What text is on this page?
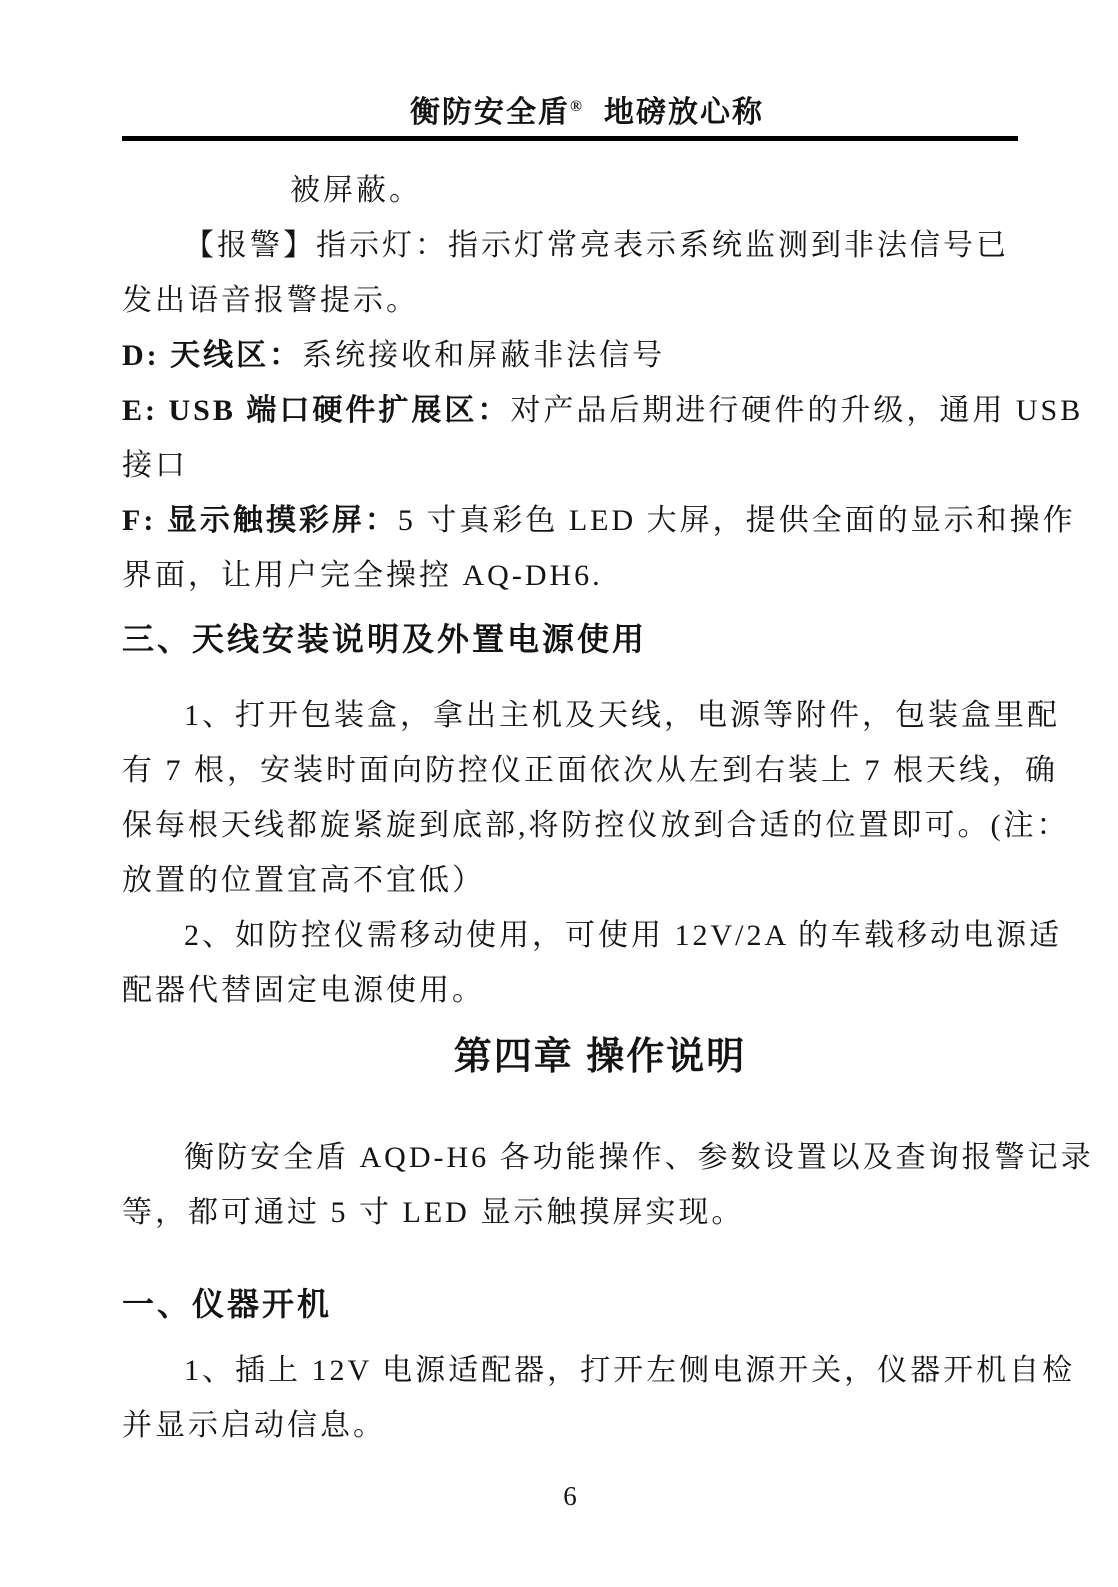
衡防安全盾® 地磅放心称
被屏蔽。
【报警】指示灯：指示灯常亮表示系统监测到非法信号已
发出语音报警提示。
D: 天线区：系统接收和屏蔽非法信号
E: USB 端口硬件扩展区：对产品后期进行硬件的升级，通用 USB
接口
F: 显示触摸彩屏：5 寸真彩色 LED 大屏，提供全面的显示和操作
界面，让用户完全操控 AQ-DH6.
三、天线安装说明及外置电源使用
1、打开包装盒，拿出主机及天线，电源等附件，包装盒里配
有 7 根，安装时面向防控仪正面依次从左到右装上 7 根天线，确
保每根天线都旋紧旋到底部,将防控仪放到合适的位置即可。(注：
放置的位置宜高不宜低）
2、如防控仪需移动使用，可使用 12V/2A 的车载移动电源适
配器代替固定电源使用。
第四章 操作说明
衡防安全盾 AQD-H6 各功能操作、参数设置以及查询报警记录
等，都可通过 5 寸 LED 显示触摸屏实现。
一、仪器开机
1、插上 12V 电源适配器，打开左侧电源开关，仪器开机自检
并显示启动信息。
6
